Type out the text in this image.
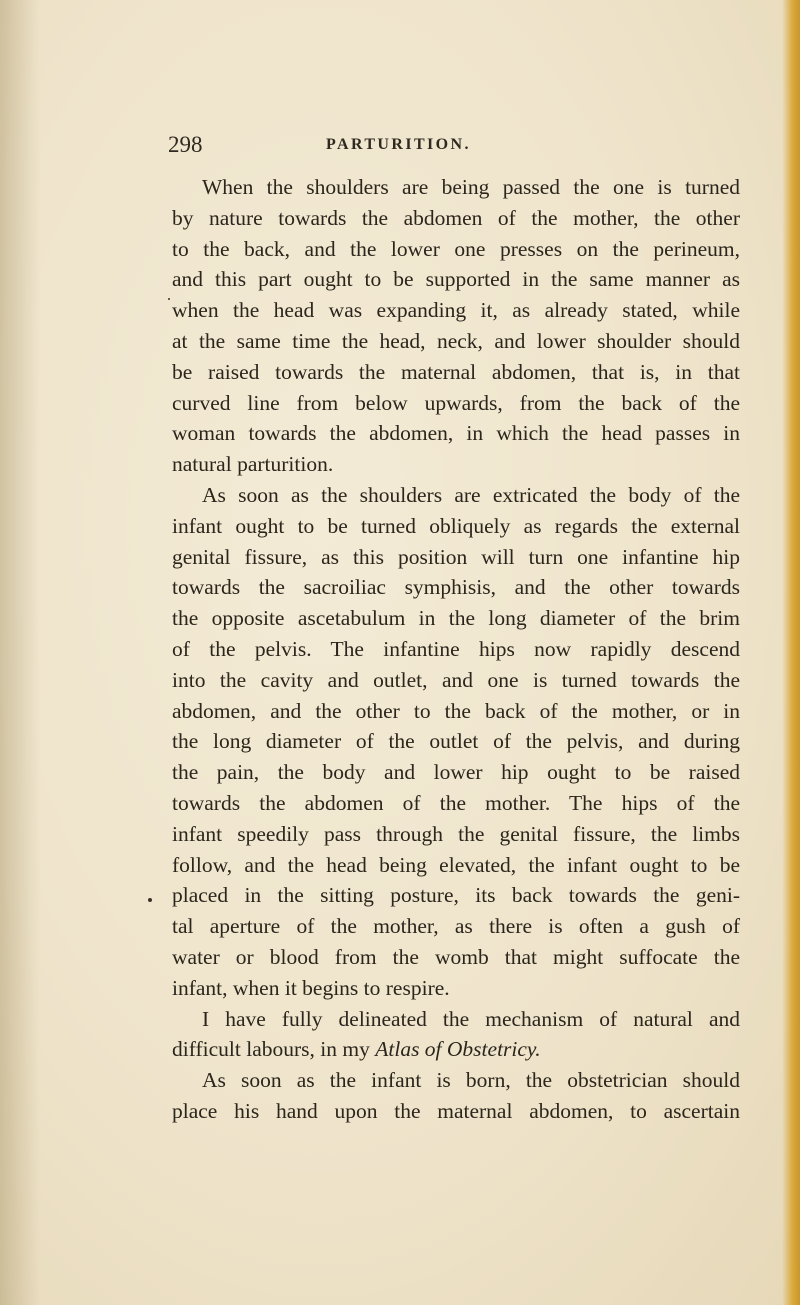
298	PARTURITION.
When the shoulders are being passed the one is turned
by nature towards the abdomen of the mother, the other
to the back, and the lower one presses on the perineum,
and this part ought to be supported in the same manner as
when the head was expanding it, as already stated, while
at the same time the head, neck, and lower shoulder should
be raised towards the maternal abdomen, that is, in that
curved line from below upwards, from the back of the
woman towards the abdomen, in which the head passes in
natural parturition.
As soon as the shoulders are extricated the body of the
infant ought to be turned obliquely as regards the external
genital fissure, as this position will turn one infantine hip
towards the sacroiliac symphisis, and the other towards
the opposite ascetabulum in the long diameter of the brim
of the pelvis. The infantine hips now rapidly descend
into the cavity and outlet, and one is turned towards the
abdomen, and the other to the back of the mother, or in
the long diameter of the outlet of the pelvis, and during
the pain, the body and lower hip ought to be raised
towards the abdomen of the mother. The hips of the
infant speedily pass through the genital fissure, the limbs
follow, and the head being elevated, the infant ought to be
placed in the sitting posture, its back towards the geni-
tal aperture of the mother, as there is often a gush of
water or blood from the womb that might suffocate the
infant, when it begins to respire.
I have fully delineated the mechanism of natural and
difficult labours, in my Atlas of Obstetricy.
As soon as the infant is born, the obstetrician should
place his hand upon the maternal abdomen, to ascertain
